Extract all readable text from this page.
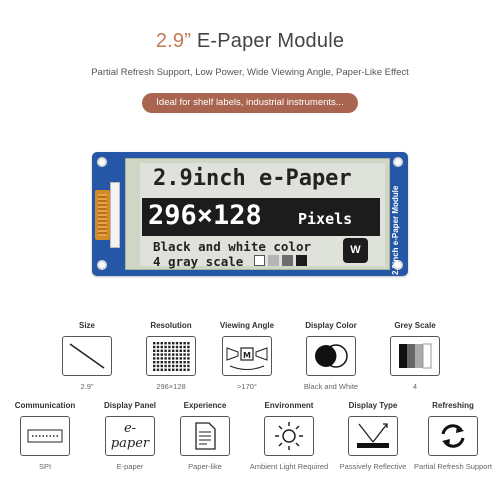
2.9” E-Paper Module
Partial Refresh Support, Low Power, Wide Viewing Angle, Paper-Like Effect
Ideal for shelf labels, industrial instruments...
2.9inch e-Paper
296×128 Pixels
Black and white color
4 gray scale
W	2.9inch e-Paper Module
Size
2.9”
Resolution
296×128
Viewing Angle
M
>170°
Display Color
Black and White
Grey Scale
4
Communication
SPI
Display Panel
e-paper
E-paper
Experience
Paper-like
Environment
Ambient Light Required
Display Type
Passively Reflective
Refreshing
Partial Refresh Support
